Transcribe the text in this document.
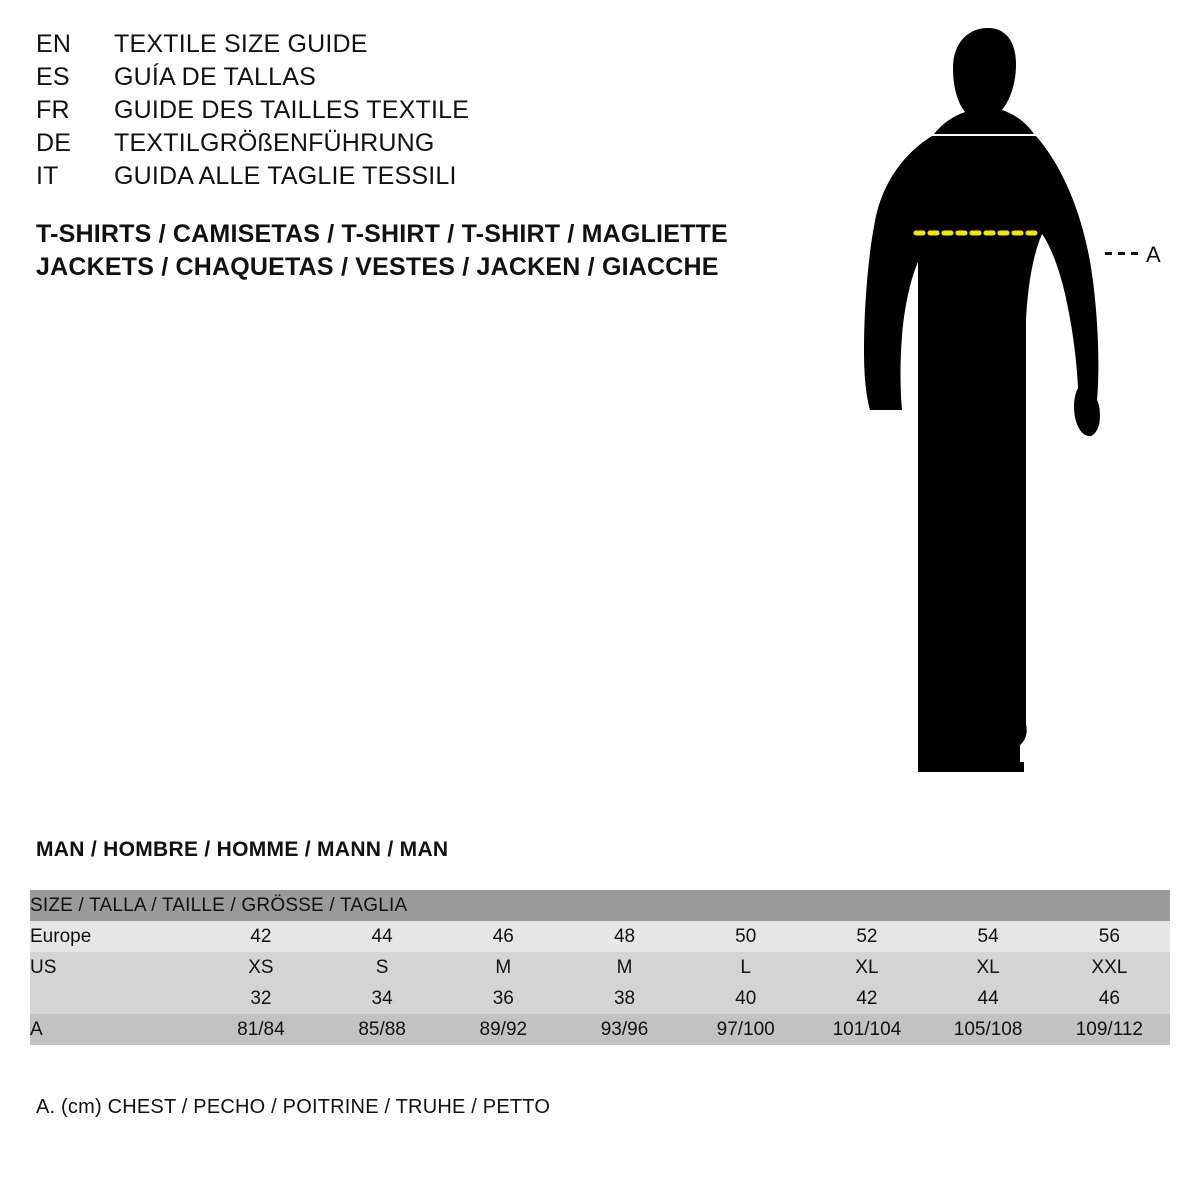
EN	TEXTILE SIZE GUIDE
ES	GUÍA DE TALLAS
FR	GUIDE DES TAILLES TEXTILE
DE	TEXTILGRÖßENFÜHRUNG
IT	GUIDA ALLE TAGLIE TESSILI
T-SHIRTS / CAMISETAS / T-SHIRT / T-SHIRT / MAGLIETTE
JACKETS / CHAQUETAS / VESTES / JACKEN / GIACCHE	A
MAN / HOMBRE / HOMME / MANN / MAN
SIZE / TALLA / TAILLE / GRÖSSE / TAGLIA								
Europe	42	44	46	48	50	52	54	56
US	XS	S	M	M	L	XL	XL	XXL
	32	34	36	38	40	42	44	46
A	81/84	85/88	89/92	93/96	97/100	101/104	105/108	109/112
A. (cm) CHEST / PECHO / POITRINE / TRUHE / PETTO
